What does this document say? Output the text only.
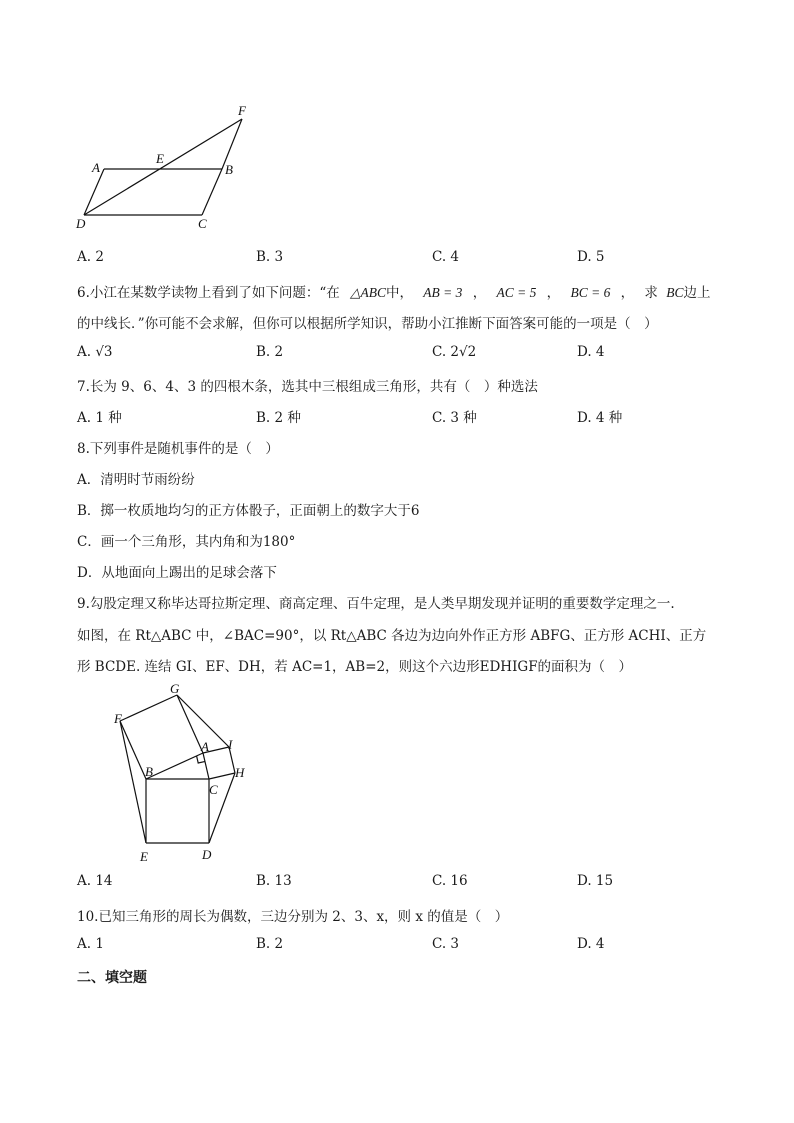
A	B
C
D
E
F
A. 2	B. 3	C. 4	D. 5
6.小江在某数学读物上看到了如下问题：“在 △ABC中， AB = 3 ， AC = 5 ， BC = 6 ， 求 BC边上
的中线长．”你可能不会求解，但你可以根据所学知识，帮助小江推断下面答案可能的一项是（　）
A. √3	B. 2	C. 2√2	D. 4
7.长为 9、6、4、3 的四根木条，选其中三根组成三角形，共有（　）种选法
A. 1 种	B. 2 种	C. 3 种	D. 4 种
8.下列事件是随机事件的是（　）
A．清明时节雨纷纷
B．掷一枚质地均匀的正方体骰子，正面朝上的数字大于6
C．画一个三角形，其内角和为180°
D．从地面向上踢出的足球会落下
9.勾股定理又称毕达哥拉斯定理、商高定理、百牛定理，是人类早期发现并证明的重要数学定理之一.
如图，在 Rt△ABC 中，∠BAC=90°，以 Rt△ABC 各边为边向外作正方形 ABFG、正方形 ACHI、正方
形 BCDE. 连结 GI、EF、DH，若 AC=1，AB=2，则这个六边形EDHIGF的面积为（　）
G
F
A I
B
C
H
E	D
A. 14	B. 13	C. 16	D. 15
10.已知三角形的周长为偶数，三边分别为 2、3、x，则 x 的值是（　）
A. 1	B. 2	C. 3	D. 4
二、填空题
